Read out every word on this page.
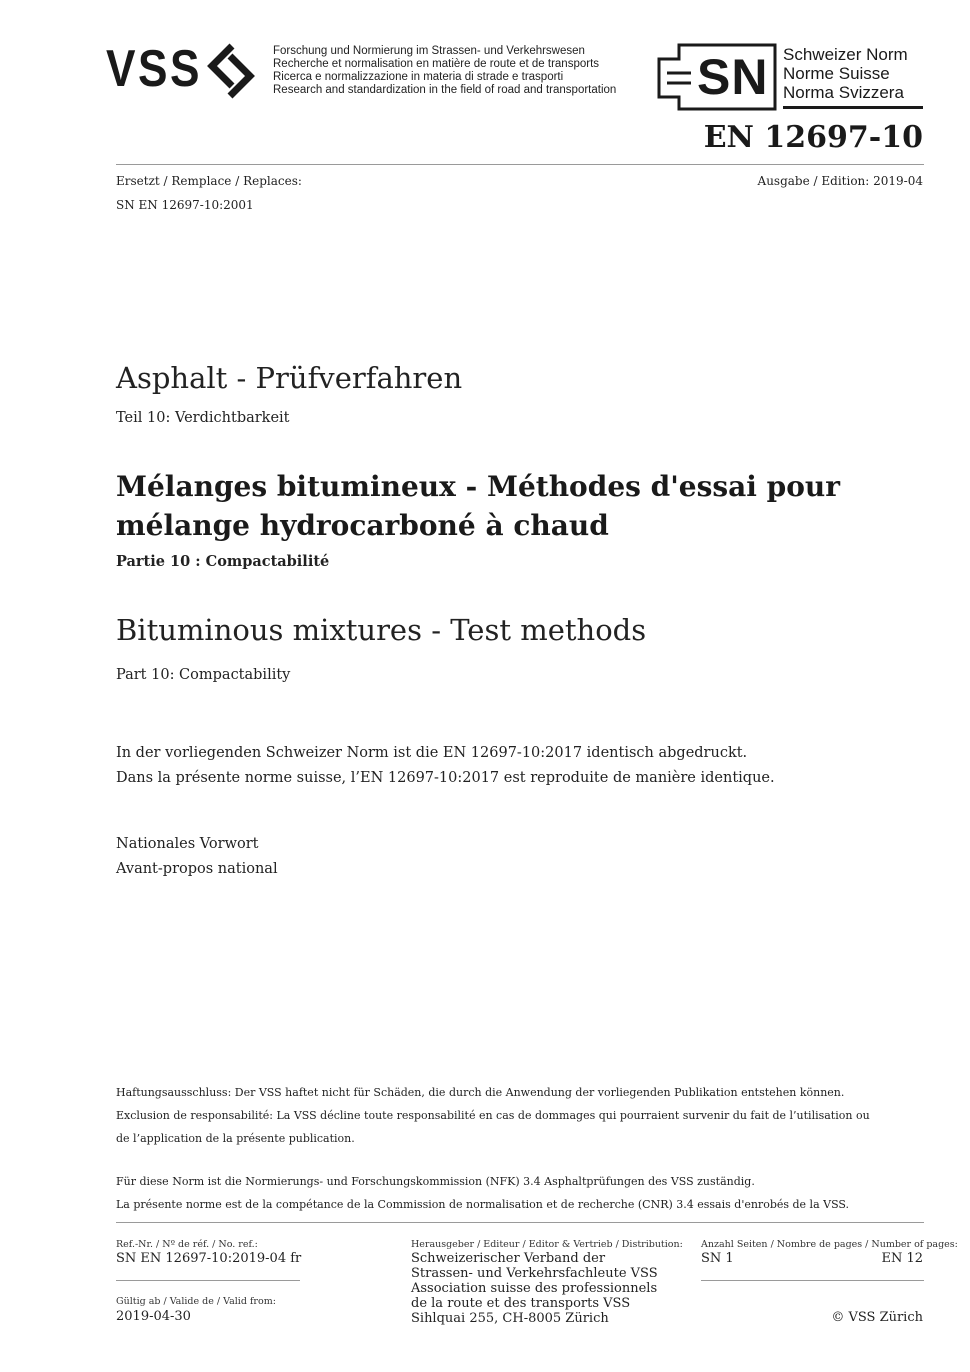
VSS	Forschung und Normierung im Strassen- und Verkehrswesen
Recherche et normalisation en matière de route et de transports
Ricerca e normalizzazione in materia di strade e trasporti
Research and standardization in the field of road and transportation SN Schweizer Norm
Norme Suisse
Norma Svizzera
EN 12697-10
Ersetzt / Remplace / Replaces:
SN EN 12697-10:2001
Ausgabe / Edition: 2019-04
Asphalt - Prüfverfahren
Teil 10: Verdichtbarkeit
Mélanges bitumineux - Méthodes d'essai pour
mélange hydrocarboné à chaud
Partie 10 : Compactabilité
Bituminous mixtures - Test methods
Part 10: Compactability
In der vorliegenden Schweizer Norm ist die EN 12697-10:2017 identisch abgedruckt.
Dans la présente norme suisse, l’EN 12697-10:2017 est reproduite de manière identique.
Nationales Vorwort
Avant-propos national
Haftungsausschluss: Der VSS haftet nicht für Schäden, die durch die Anwendung der vorliegenden Publikation entstehen können.
Exclusion de responsabilité: La VSS décline toute responsabilité en cas de dommages qui pourraient survenir du fait de l’utilisation ou
de l’application de la présente publication.
Für diese Norm ist die Normierungs- und Forschungskommission (NFK) 3.4 Asphaltprüfungen des VSS zuständig.
La présente norme est de la compétance de la Commission de normalisation et de recherche (CNR) 3.4 essais d'enrobés de la VSS.
Ref.-Nr. / Nº de réf. / No. ref.:
SN EN 12697-10:2019-04 fr
Gültig ab / Valide de / Valid from:
2019-04-30
Herausgeber / Editeur / Editor & Vertrieb / Distribution:
Schweizerischer Verband der
Strassen- und Verkehrsfachleute VSS
Association suisse des professionnels
de la route et des transports VSS
Sihlquai 255, CH-8005 Zürich
Anzahl Seiten / Nombre de pages / Number of pages:
SN 1	EN 12
© VSS Zürich
